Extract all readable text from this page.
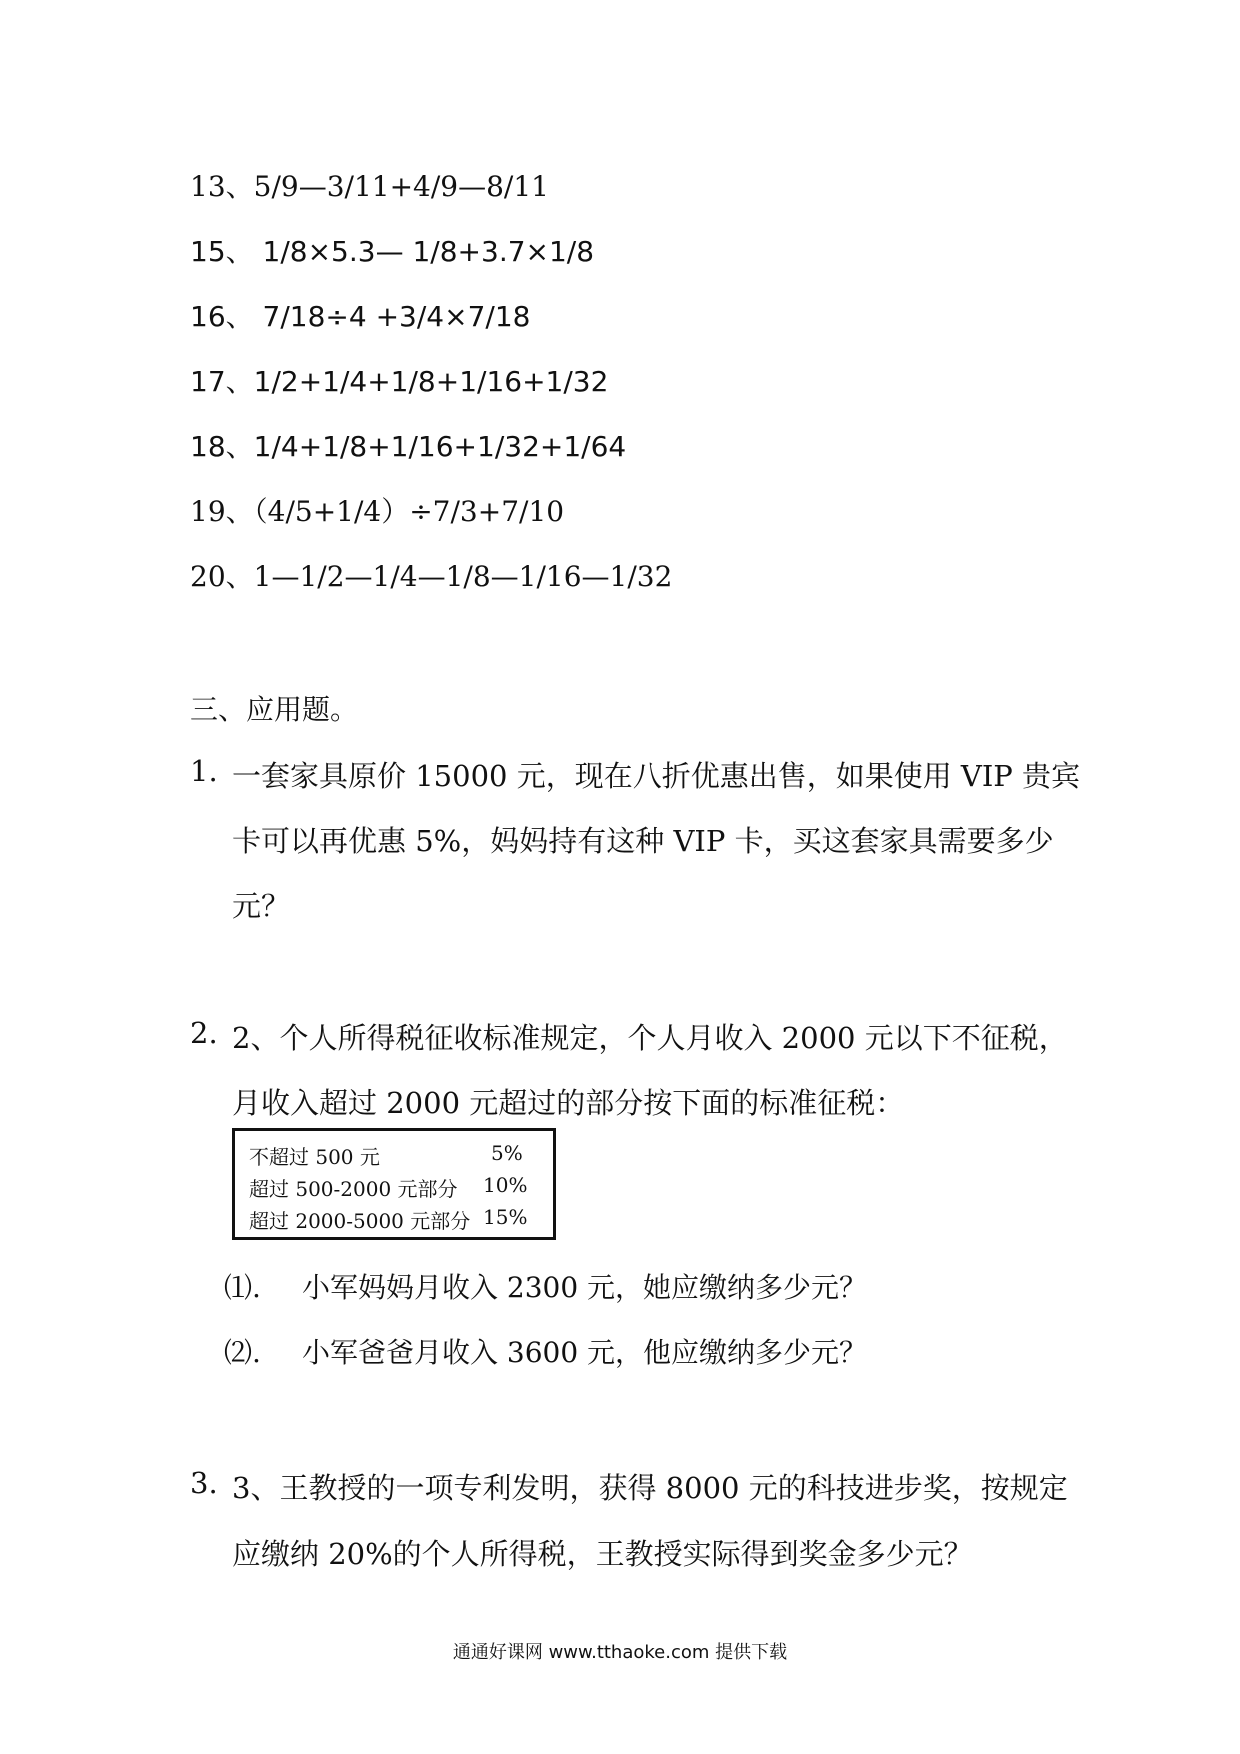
13、5/9—3/11+4/9—8/11
15、 1/8×5.3— 1/8+3.7×1/8
16、 7/18÷4 +3/4×7/18
17、1/2+1/4+1/8+1/16+1/32
18、1/4+1/8+1/16+1/32+1/64
19、（4/5+1/4）÷7/3+7/10
20、1—1/2—1/4—1/8—1/16—1/32
三、应用题。
1. 一套家具原价 15000 元，现在八折优惠出售，如果使用 VIP 贵宾
卡可以再优惠 5%，妈妈持有这种 VIP 卡，买这套家具需要多少
元？
2. 2、个人所得税征收标准规定，个人月收入 2000 元以下不征税，
月收入超过 2000 元超过的部分按下面的标准征税：
不超过 500 元	5%
超过 500-2000 元部分 10%
超过 2000-5000 元部分 15%
⑴. 小军妈妈月收入 2300 元，她应缴纳多少元？
⑵. 小军爸爸月收入 3600 元，他应缴纳多少元？
3. 3、王教授的一项专利发明，获得 8000 元的科技进步奖，按规定
应缴纳 20%的个人所得税，王教授实际得到奖金多少元？
通通好课网 www.tthaoke.com 提供下载
